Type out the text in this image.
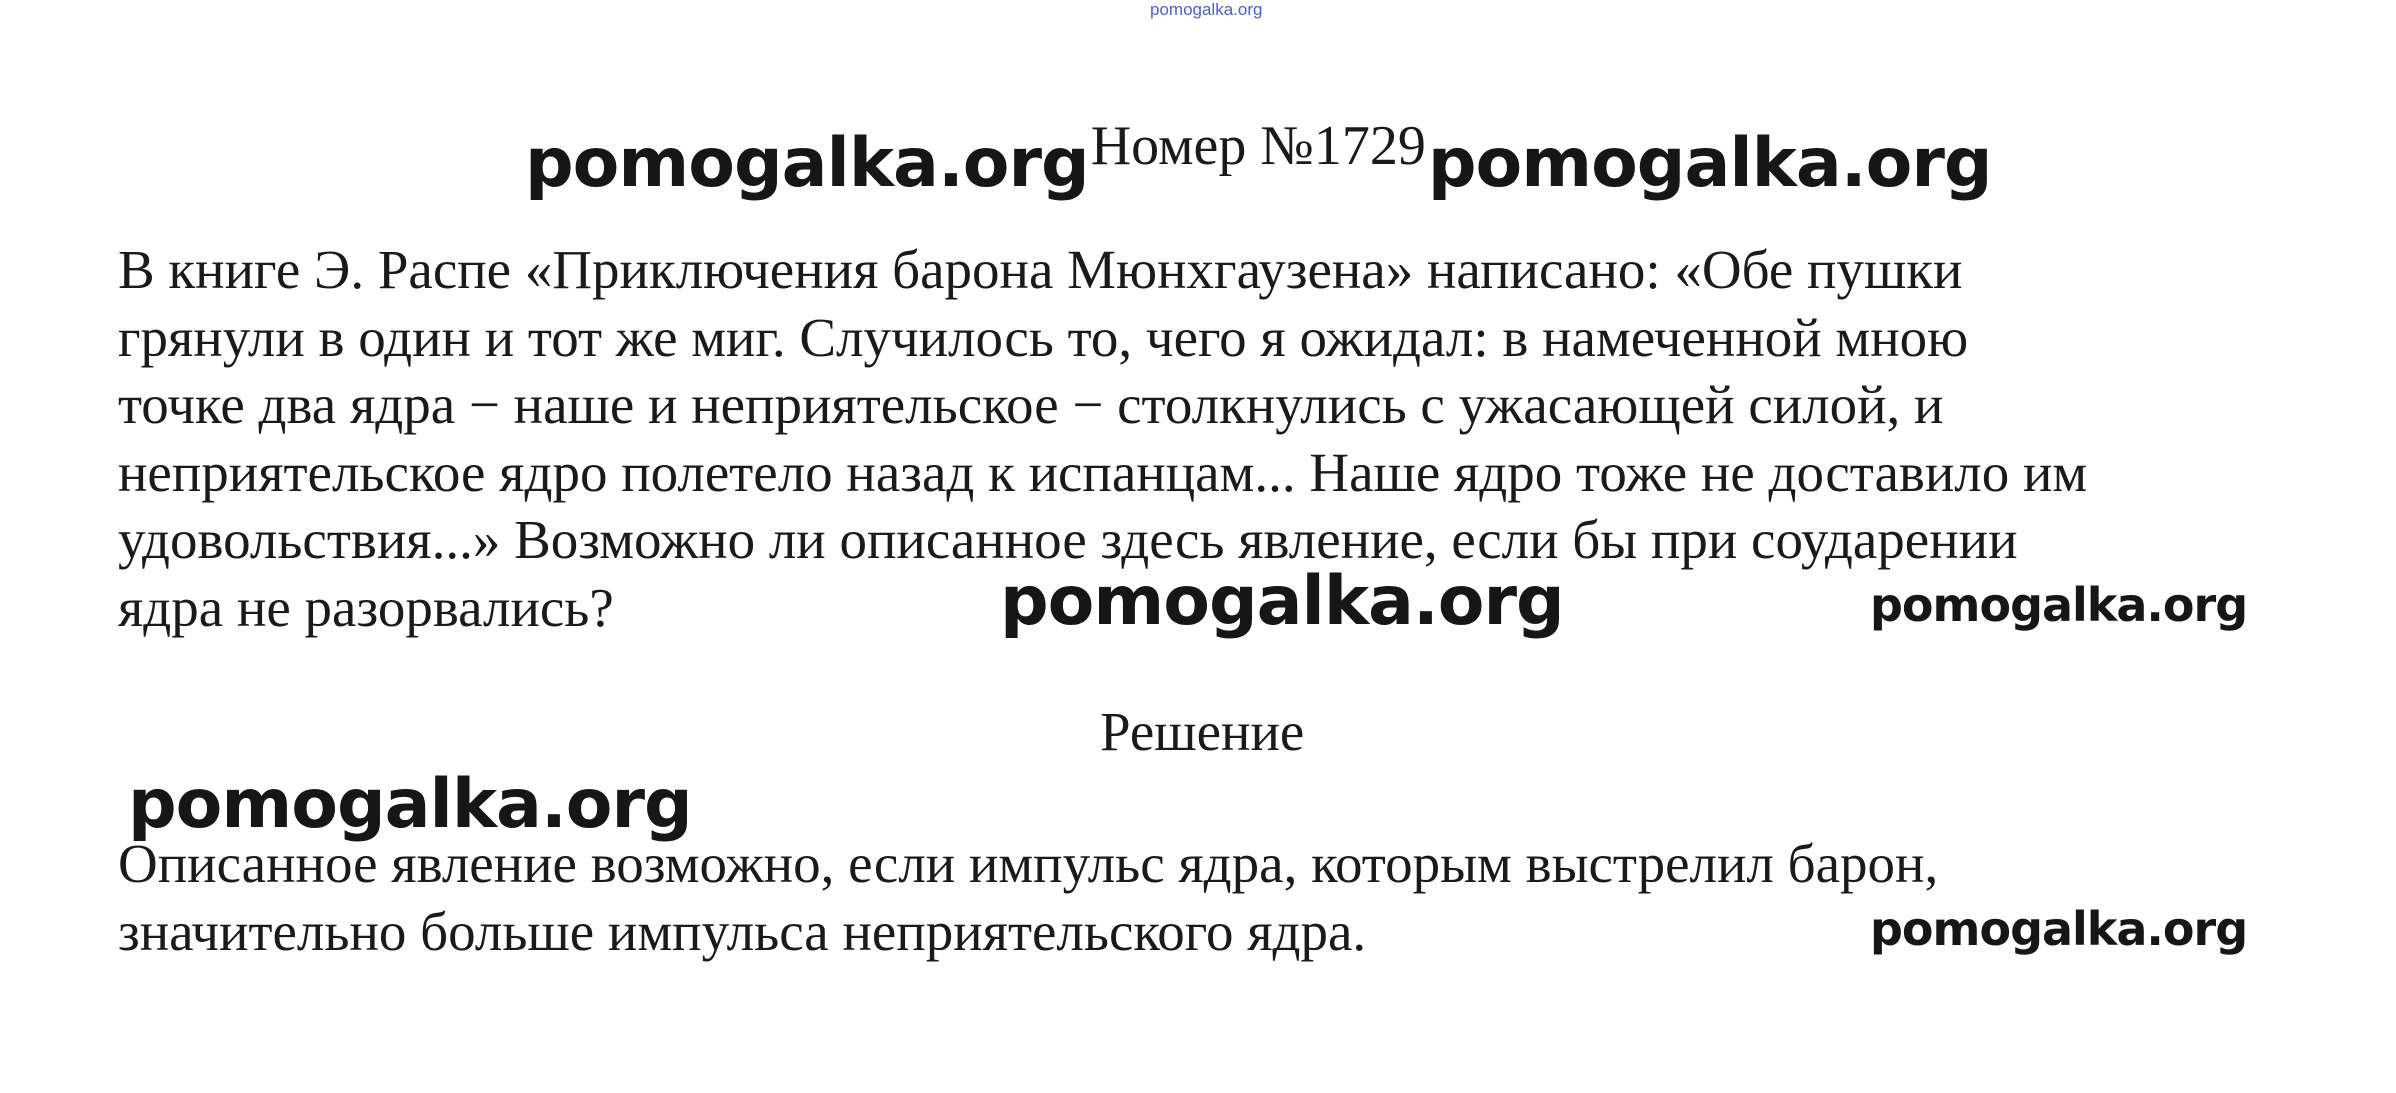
pomogalka.org
pomogalka.orgНомер №1729pomogalka.org

В книге Э. Распе «Приключения барона Мюнхгаузена» написано: «Обе пушки
грянули в один и тот же миг. Случилось то, чего я ожидал: в намеченной мною
точке два ядра − наше и неприятельское − столкнулись с ужасающей силой, и
неприятельское ядро полетело назад к испанцам... Наше ядро тоже не доставило им
удовольствия...» Возможно ли описанное здесь явление, если бы при соударении
ядра не разорвались?	pomogalka.org	pomogalka.org
Решение
pomogalka.org

Описанное явление возможно, если импульс ядра, которым выстрелил барон,
значительно больше импульса неприятельского ядра.	pomogalka.org
